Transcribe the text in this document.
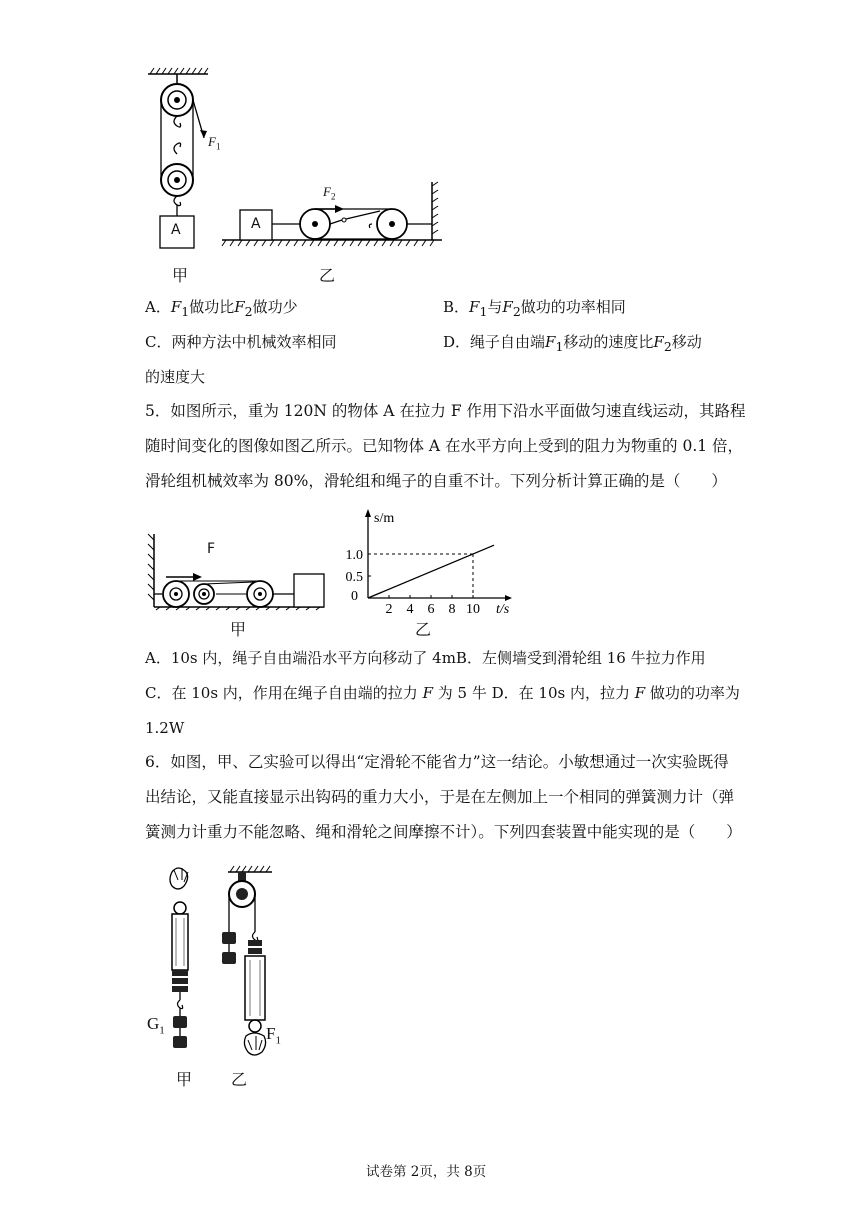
A
$F_1$
甲
A
$F_2$
乙
A．$F_1$做功比$F_2$做功少	B．$F_1$与$F_2$做功的功率相同
C．两种方法中机械效率相同	D．绳子自由端$F_1$移动的速度比$F_2$移动
的速度大
5．如图所示，重为 120N 的物体 A 在拉力 F 作用下沿水平面做匀速直线运动，其路程
随时间变化的图像如图乙所示。已知物体 A 在水平方向上受到的阻力为物重的 0.1 倍，
滑轮组机械效率为 80%，滑轮组和绳子的自重不计。下列分析计算正确的是（　　）
F
甲
s/m
t/s
0
2 4 6 8 10
0.5
1.0
乙
A．10s 内，绳子自由端沿水平方向移动了 4mB．左侧墙受到滑轮组 16 牛拉力作用
C．在 10s 内，作用在绳子自由端的拉力 F 为 5 牛 D．在 10s 内，拉力 F 做功的功率为
1.2W
6．如图，甲、乙实验可以得出“定滑轮不能省力”这一结论。小敏想通过一次实验既得
出结论，又能直接显示出钩码的重力大小，于是在左侧加上一个相同的弹簧测力计（弹
簧测力计重力不能忽略、绳和滑轮之间摩擦不计）。下列四套装置中能实现的是（　　）
$G_1$
甲
$F_1$
乙
试卷第 2页，共 8页
